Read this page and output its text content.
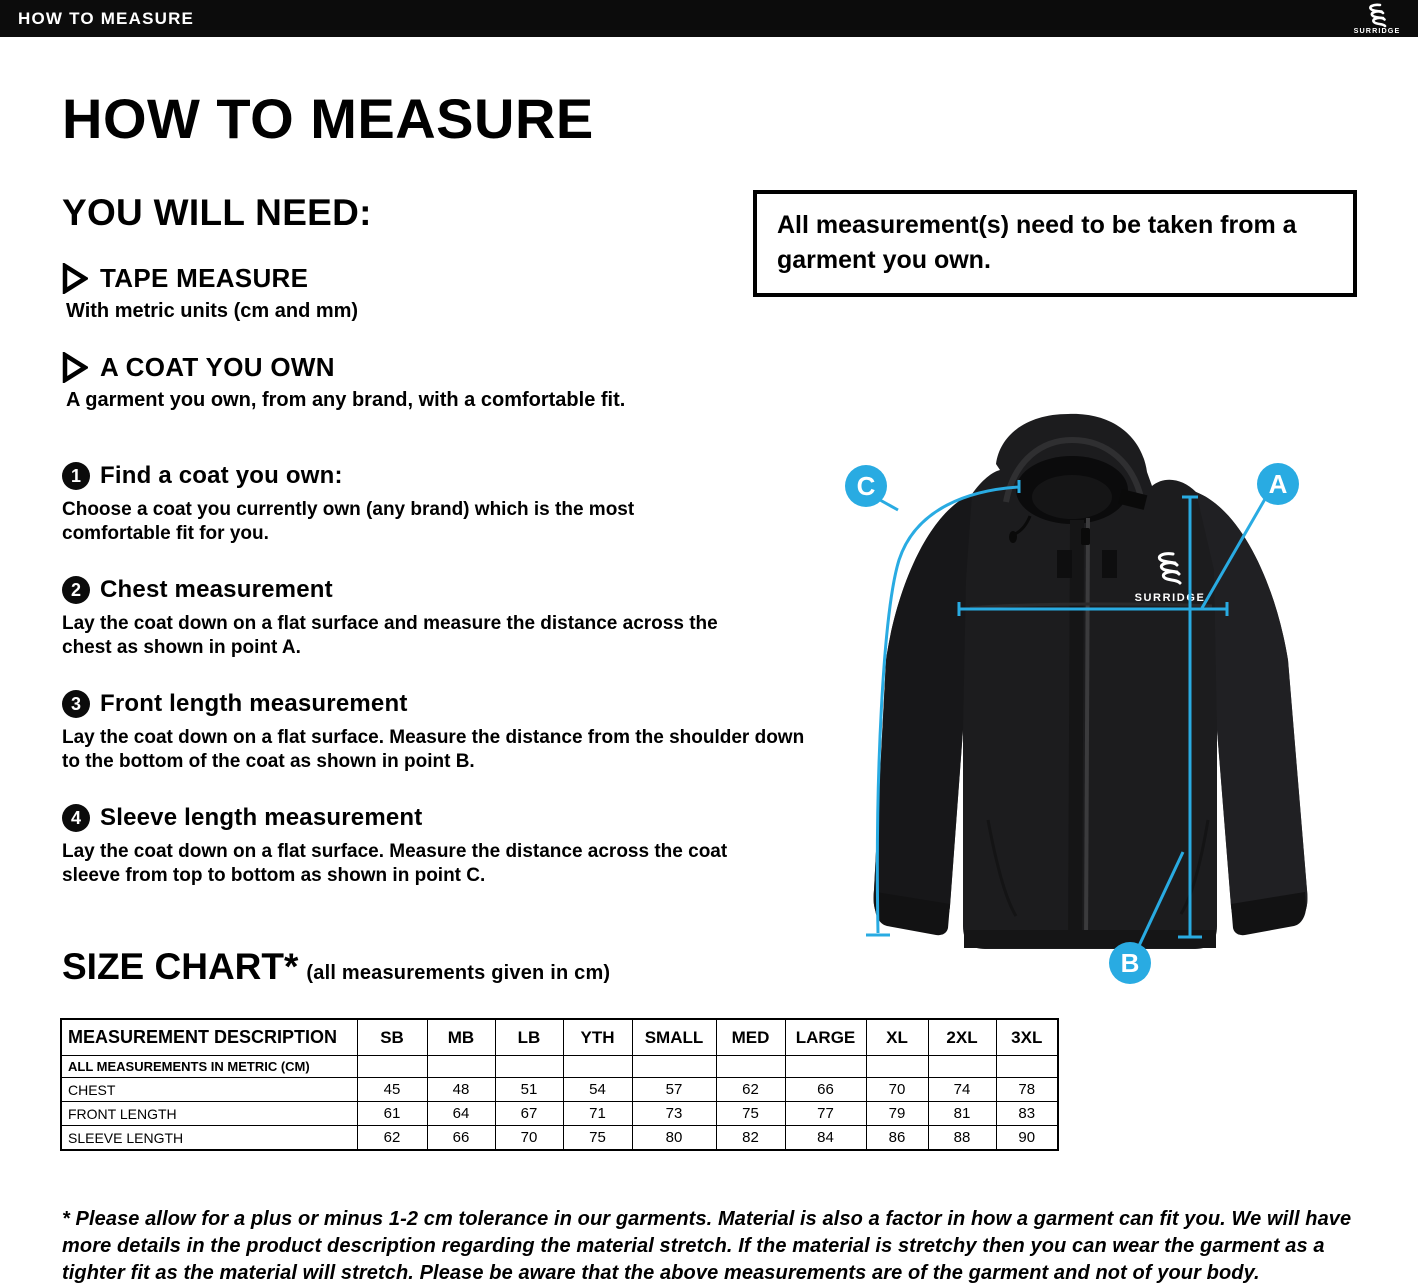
HOW TO MEASURE
SURRIDGE
HOW TO MEASURE
YOU WILL NEED:
TAPE MEASURE
With metric units (cm and mm)
A COAT YOU OWN
A garment you own, from any brand, with a comfortable fit.
1 Find a coat you own:
Choose a coat you currently own (any brand) which is the most comfortable fit for you.
2 Chest measurement
Lay the coat down on a flat surface and measure the distance across the chest as shown in point A.
3 Front length measurement
Lay the coat down on a flat surface. Measure the distance from the shoulder down to the bottom of the coat as shown in point B.
4 Sleeve length measurement
Lay the coat down on a flat surface. Measure the distance across the coat sleeve from top to bottom as shown in point C.
All measurement(s) need to be taken from a garment you own.
SURRIDGE
A
B
C
SIZE CHART* (all measurements given in cm)
MEASUREMENT DESCRIPTION	SB	MB	LB	YTH	SMALL	MED	LARGE	XL	2XL	3XL
ALL MEASUREMENTS IN METRIC (CM)										
CHEST	45	48	51	54	57	62	66	70	74	78
FRONT LENGTH	61	64	67	71	73	75	77	79	81	83
SLEEVE LENGTH	62	66	70	75	80	82	84	86	88	90
* Please allow for a plus or minus 1-2 cm tolerance in our garments. Material is also a factor in how a garment can fit you. We will have more details in the product description regarding the material stretch. If the material is stretchy then you can wear the garment as a tighter fit as the material will stretch. Please be aware that the above measurements are of the garment and not of your body.
